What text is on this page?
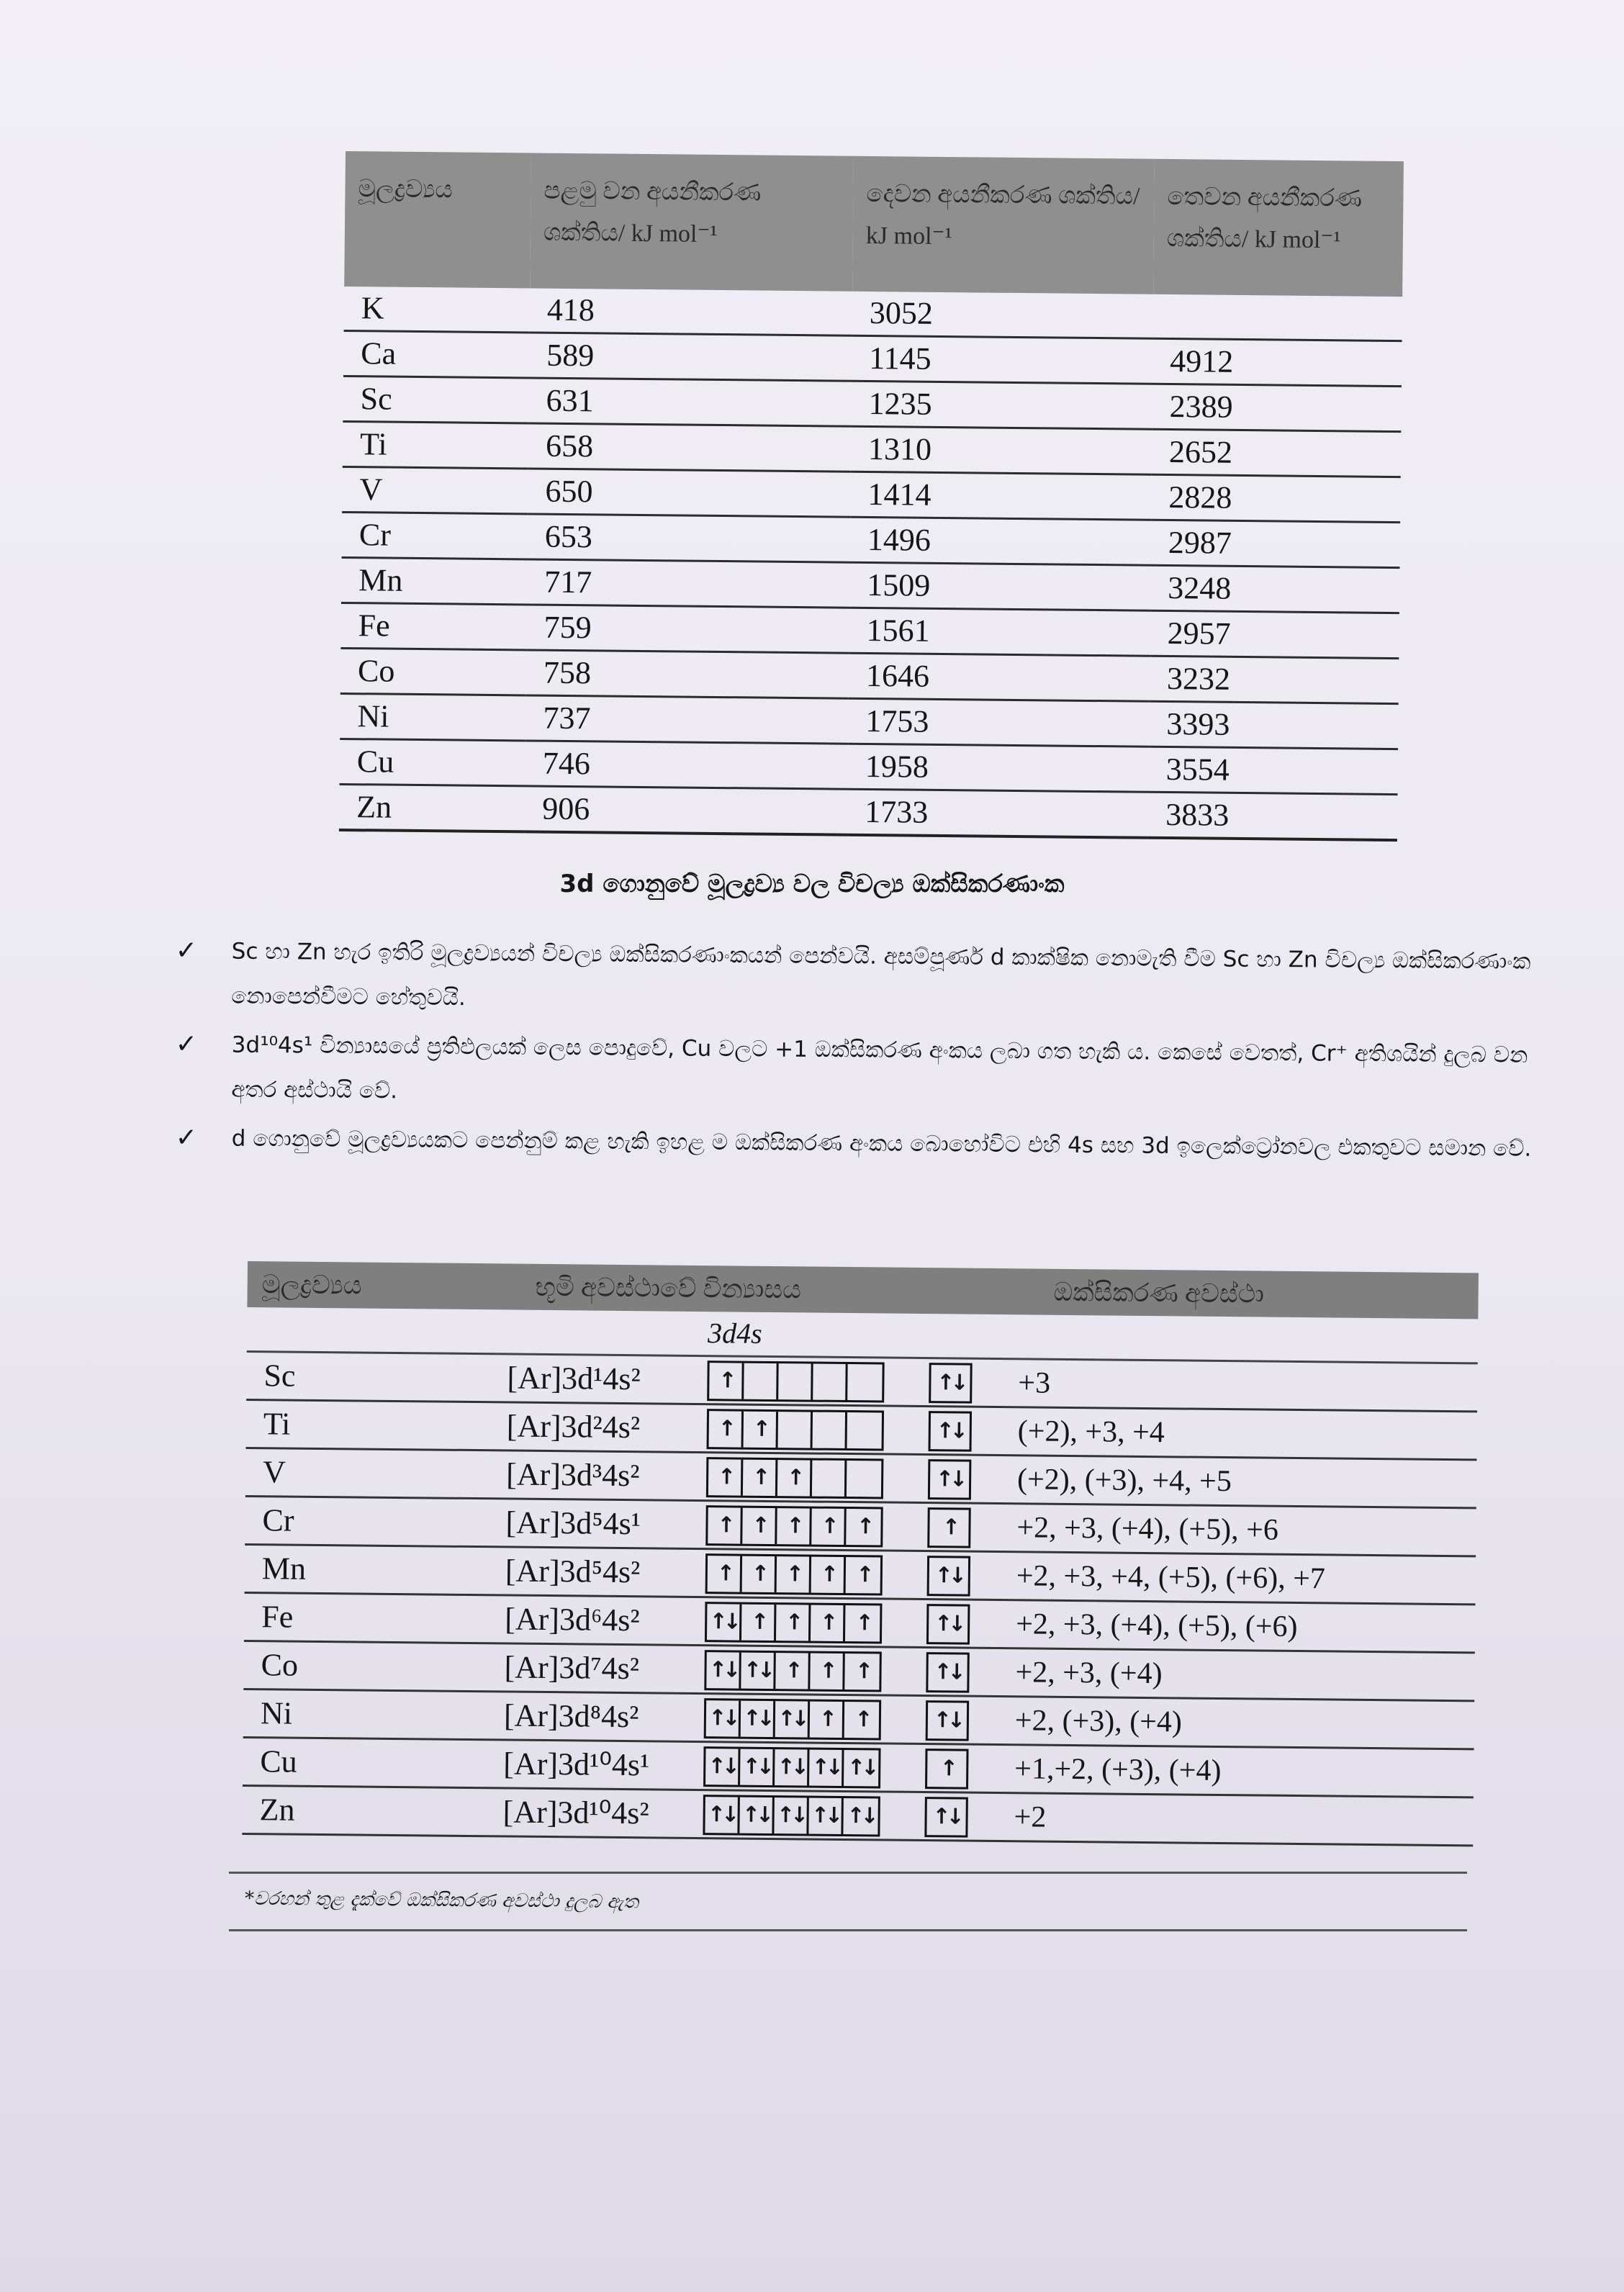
මූලද්‍රව්‍යය	පළමු වන අයනීකරණ ශක්තිය/ kJ mol⁻¹	දෙවන අයනීකරණ ශක්තිය/ kJ mol⁻¹	තෙවන අයනීකරණ ශක්තිය/ kJ mol⁻¹
K	418	3052	
Ca	589	1145	4912
Sc	631	1235	2389
Ti	658	1310	2652
V	650	1414	2828
Cr	653	1496	2987
Mn	717	1509	3248
Fe	759	1561	2957
Co	758	1646	3232
Ni	737	1753	3393
Cu	746	1958	3554
Zn	906	1733	3833
3d ගොනුවේ මූලද්‍රව්‍ය වල විචල්‍ය ඔක්සිකරණාංක
✓ Sc හා Zn හැර ඉතිරි මූලද්‍රව්‍යයන් විචල්‍ය ඔක්සිකරණාංකයන් පෙන්වයි. අසම්පූර්ණ d කාක්ෂික නොමැති වීම Sc හා Zn විචල්‍ය ඔක්සිකරණාංක නොපෙන්වීමට හේතුවයි.
✓ 3d¹⁰4s¹ වින්‍යාසයේ ප්‍රතිඵලයක් ලෙස පොදුවේ, Cu වලට +1 ඔක්සිකරණ අංකය ලබා ගත හැකි ය. කෙසේ වෙතත්, Cr⁺ අතිශයින් දුලබ වන අතර අස්ථායි වේ.
✓ d ගොනුවේ මූලද්‍රව්‍යයකට පෙන්නුම් කළ හැකි ඉහළ ම ඔක්සිකරණ අංකය බොහෝවිට එහි 4s සහ 3d ඉලෙක්ට්‍රෝනවල එකතුවට සමාන වේ.
මූලද්‍රව්‍යය	භූමි අවස්ථාවේ වින්‍යාසය	ඔක්සිකරණ අවස්ථා
3d4s
Sc	[Ar]3d¹4s²	↑	↑↓ +3
Ti	[Ar]3d²4s²	↑ ↑	↑↓ (+2), +3, +4
V	[Ar]3d³4s²	↑ ↑ ↑	↑↓ (+2), (+3), +4, +5
Cr	[Ar]3d⁵4s¹	↑ ↑ ↑ ↑	↑	↑	+2, +3, (+4), (+5), +6
Mn	[Ar]3d⁵4s²	↑ ↑ ↑ ↑	↑	↑↓ +2, +3, +4, (+5), (+6), +7
Fe	[Ar]3d⁶4s²	↑↓ ↑ ↑ ↑	↑	↑↓ +2, +3, (+4), (+5), (+6)
Co	[Ar]3d⁷4s²	↑↓ ↑↓ ↑ ↑	↑	↑↓ +2, +3, (+4)
Ni	[Ar]3d⁸4s²	↑↓ ↑↓ ↑↓ ↑	↑	↑↓ +2, (+3), (+4)
Cu	[Ar]3d¹⁰4s¹	↑↓ ↑↓ ↑↓ ↑↓ ↑↓	↑	+1,+2, (+3), (+4)
Zn	[Ar]3d¹⁰4s²	↑↓ ↑↓ ↑↓ ↑↓ ↑↓	↑↓ +2
*වරහන් තුළ දැක්වේ ඔක්සිකරණ අවස්ථා දුලබ ඇත
